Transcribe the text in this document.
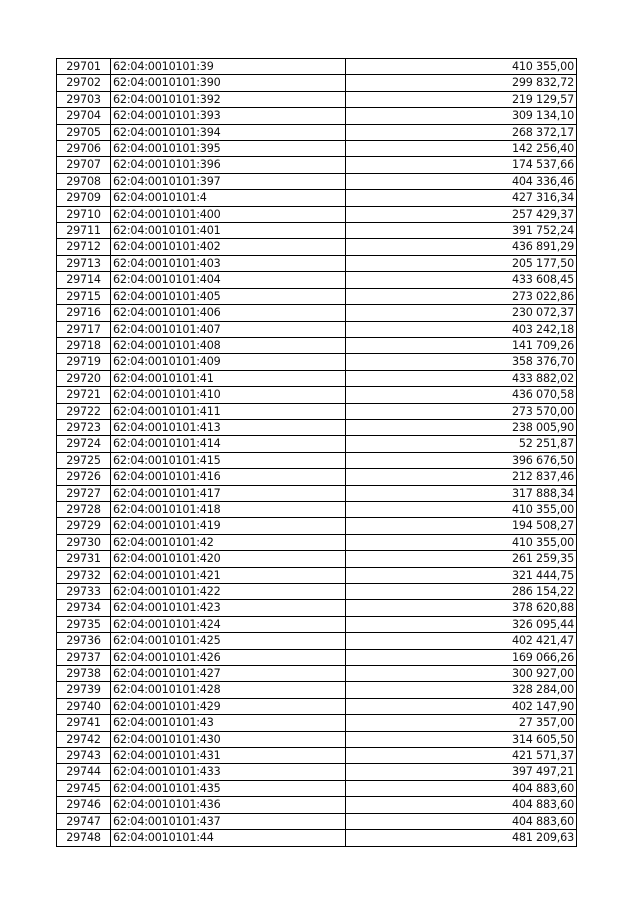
29701	62:04:0010101:39	410 355,00
29702	62:04:0010101:390	299 832,72
29703	62:04:0010101:392	219 129,57
29704	62:04:0010101:393	309 134,10
29705	62:04:0010101:394	268 372,17
29706	62:04:0010101:395	142 256,40
29707	62:04:0010101:396	174 537,66
29708	62:04:0010101:397	404 336,46
29709	62:04:0010101:4	427 316,34
29710	62:04:0010101:400	257 429,37
29711	62:04:0010101:401	391 752,24
29712	62:04:0010101:402	436 891,29
29713	62:04:0010101:403	205 177,50
29714	62:04:0010101:404	433 608,45
29715	62:04:0010101:405	273 022,86
29716	62:04:0010101:406	230 072,37
29717	62:04:0010101:407	403 242,18
29718	62:04:0010101:408	141 709,26
29719	62:04:0010101:409	358 376,70
29720	62:04:0010101:41	433 882,02
29721	62:04:0010101:410	436 070,58
29722	62:04:0010101:411	273 570,00
29723	62:04:0010101:413	238 005,90
29724	62:04:0010101:414	52 251,87
29725	62:04:0010101:415	396 676,50
29726	62:04:0010101:416	212 837,46
29727	62:04:0010101:417	317 888,34
29728	62:04:0010101:418	410 355,00
29729	62:04:0010101:419	194 508,27
29730	62:04:0010101:42	410 355,00
29731	62:04:0010101:420	261 259,35
29732	62:04:0010101:421	321 444,75
29733	62:04:0010101:422	286 154,22
29734	62:04:0010101:423	378 620,88
29735	62:04:0010101:424	326 095,44
29736	62:04:0010101:425	402 421,47
29737	62:04:0010101:426	169 066,26
29738	62:04:0010101:427	300 927,00
29739	62:04:0010101:428	328 284,00
29740	62:04:0010101:429	402 147,90
29741	62:04:0010101:43	27 357,00
29742	62:04:0010101:430	314 605,50
29743	62:04:0010101:431	421 571,37
29744	62:04:0010101:433	397 497,21
29745	62:04:0010101:435	404 883,60
29746	62:04:0010101:436	404 883,60
29747	62:04:0010101:437	404 883,60
29748	62:04:0010101:44	481 209,63
